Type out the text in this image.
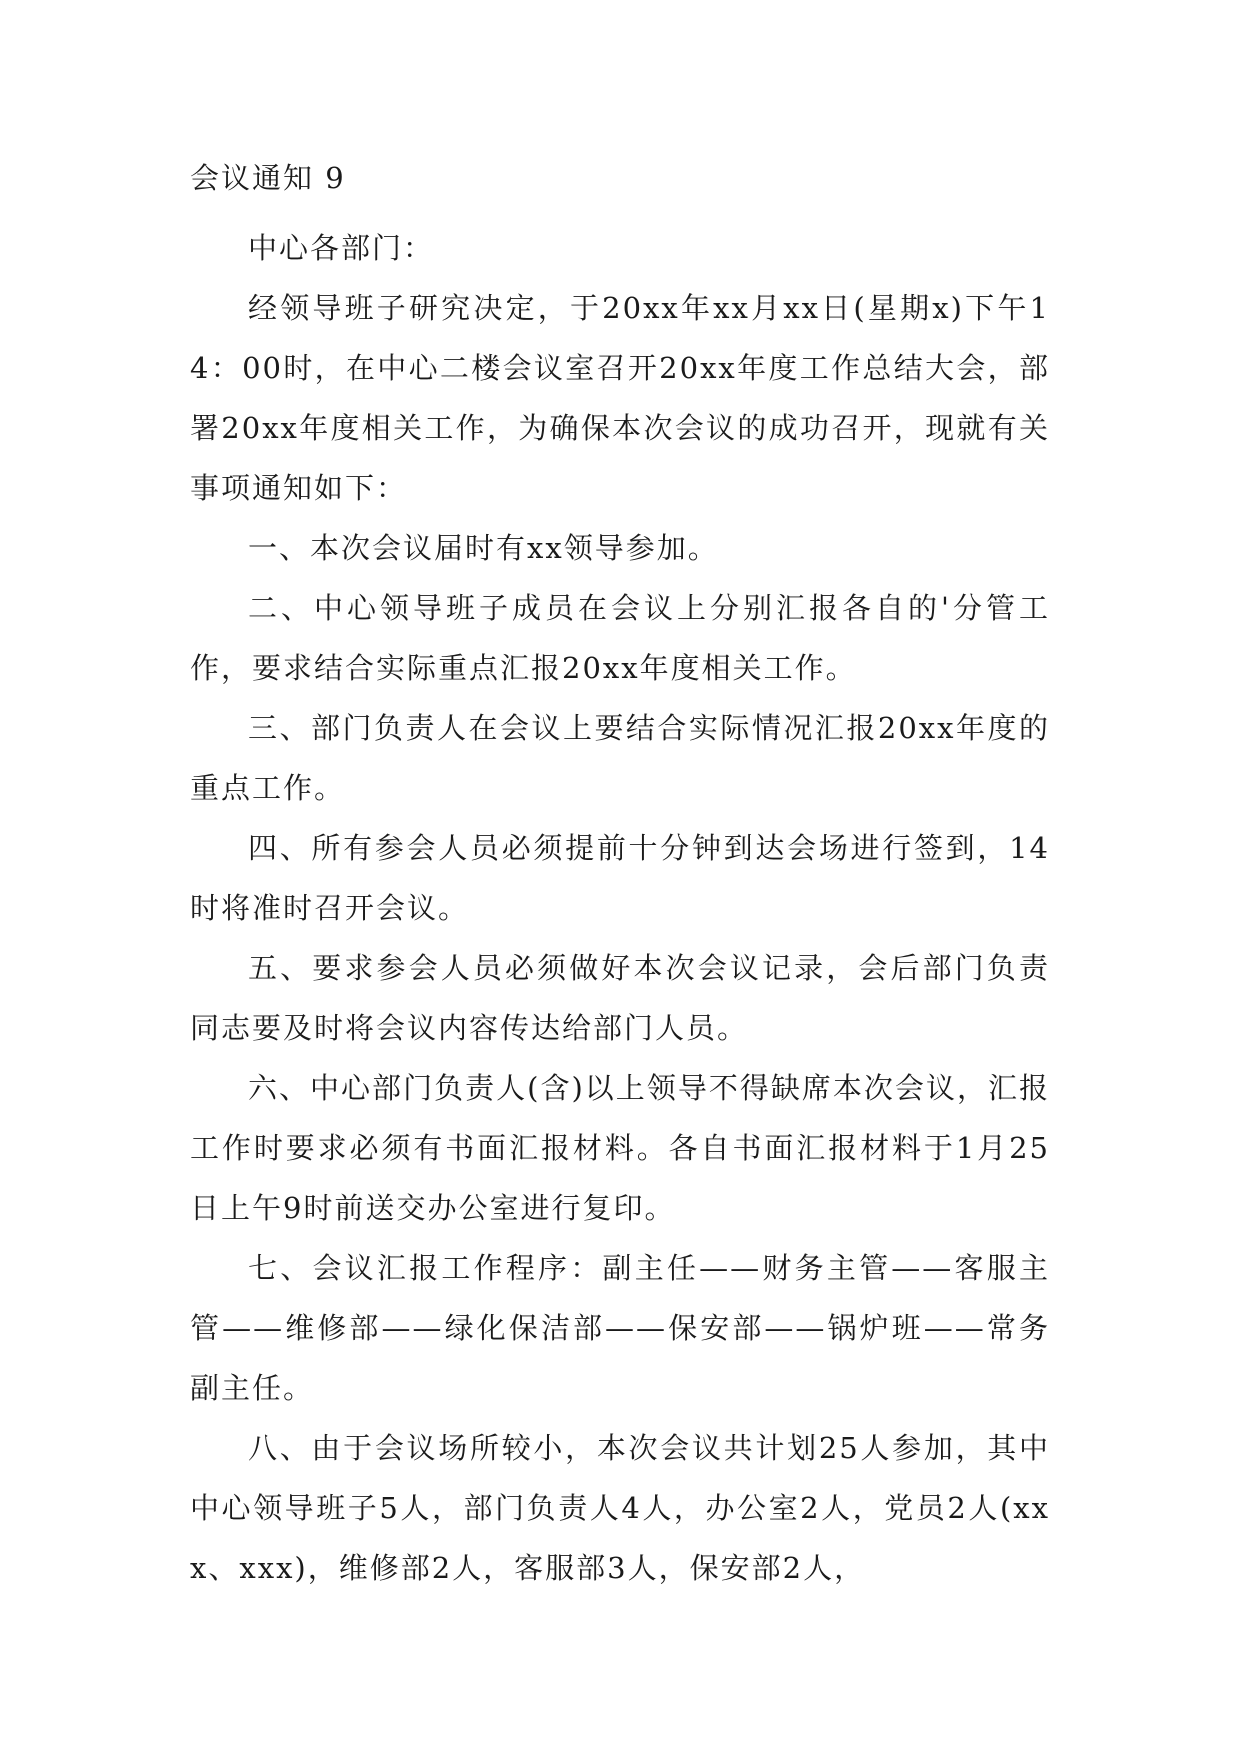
会议通知 9

中心各部门：

经领导班子研究决定，于20xx年xx月xx日(星期x)下午14：00时，在中心二楼会议室召开20xx年度工作总结大会，部署20xx年度相关工作，为确保本次会议的成功召开，现就有关事项通知如下：

一、本次会议届时有xx领导参加。

二、中心领导班子成员在会议上分别汇报各自的'分管工作，要求结合实际重点汇报20xx年度相关工作。

三、部门负责人在会议上要结合实际情况汇报20xx年度的重点工作。

四、所有参会人员必须提前十分钟到达会场进行签到，14时将准时召开会议。

五、要求参会人员必须做好本次会议记录，会后部门负责同志要及时将会议内容传达给部门人员。

六、中心部门负责人(含)以上领导不得缺席本次会议，汇报工作时要求必须有书面汇报材料。各自书面汇报材料于1月25日上午9时前送交办公室进行复印。

七、会议汇报工作程序：副主任——财务主管——客服主管——维修部——绿化保洁部——保安部——锅炉班——常务副主任。

八、由于会议场所较小，本次会议共计划25人参加，其中中心领导班子5人，部门负责人4人，办公室2人，党员2人(xxx、xxx)，维修部2人，客服部3人，保安部2人，
